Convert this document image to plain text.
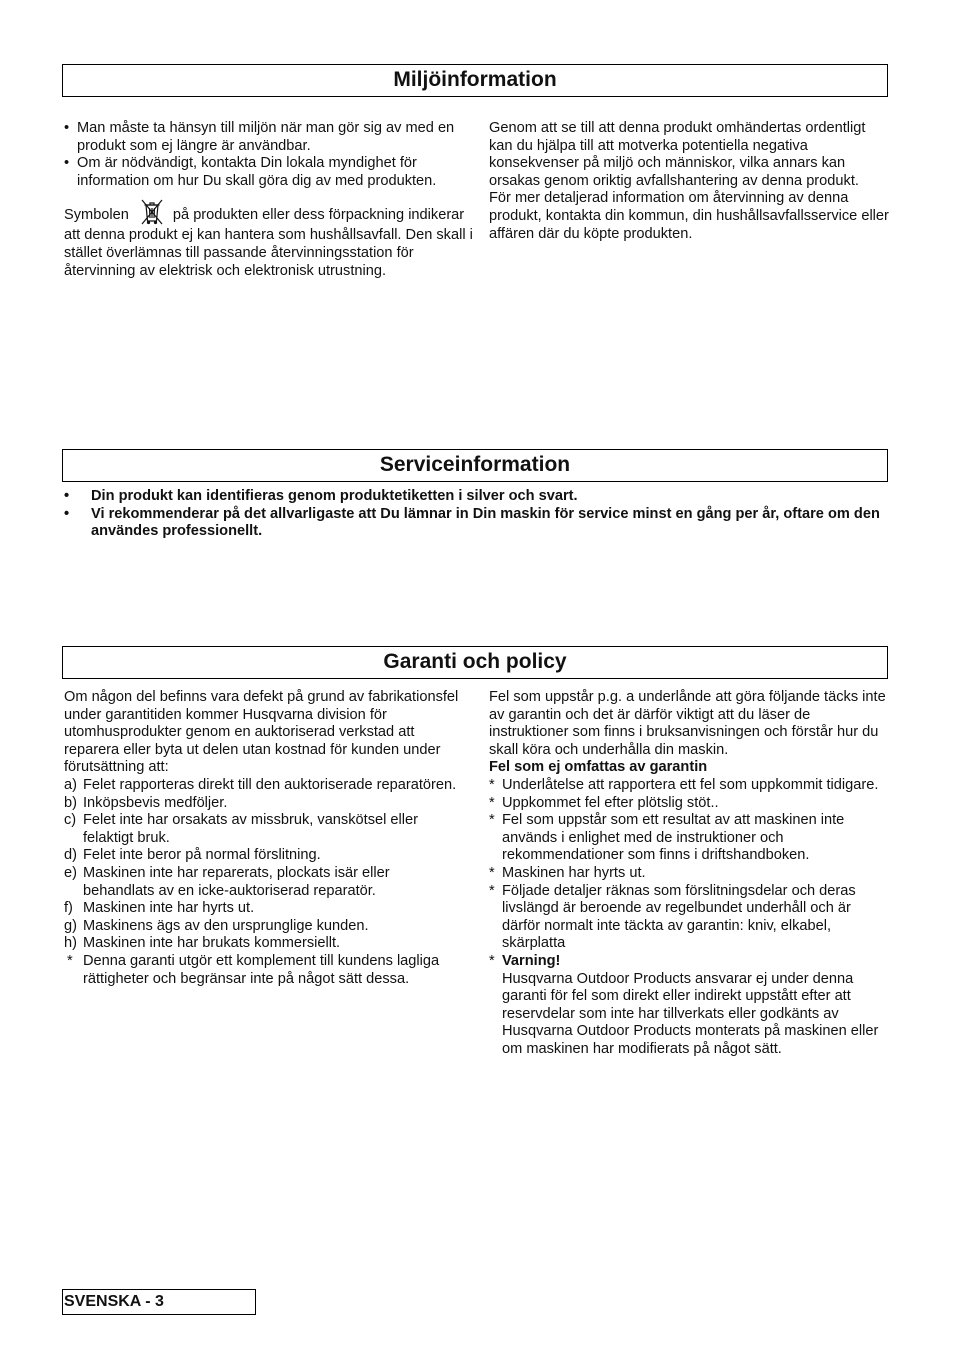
Miljöinformation
• Man måste ta hänsyn till miljön när man gör sig av med en produkt som ej längre är användbar.
• Om är nödvändigt, kontakta Din lokala myndighet för information om hur Du skall göra dig av med produkten.

Symbolen	på produkten eller dess förpackning indikerar att denna produkt ej kan hantera som hushållsavfall. Den skall i stället överlämnas till passande återvinningsstation för återvinning av elektrisk och elektronisk utrustning.

Genom att se till att denna produkt omhändertas ordentligt kan du hjälpa till att motverka potentiella negativa konsekvenser på miljö och människor, vilka annars kan orsakas genom oriktig avfallshantering av denna produkt.

För mer detaljerad information om återvinning av denna produkt, kontakta din kommun, din hushållsavfallsservice eller affären där du köpte produkten.

Serviceinformation
• Din produkt kan identifieras genom produktetiketten i silver och svart.
• Vi rekommenderar på det allvarligaste att Du lämnar in Din maskin för service minst en gång per år, oftare om den användes professionellt.
Garanti och policy

Om någon del befinns vara defekt på grund av fabrikationsfel under garantitiden kommer Husqvarna division för utomhusprodukter genom en auktoriserad verkstad att reparera eller byta ut delen utan kostnad för kunden under förutsättning att:

a) Felet rapporteras direkt till den auktoriserade reparatören.
b) Inköpsbevis medföljer.
c) Felet inte har orsakats av missbruk, vanskötsel eller felaktigt bruk.
d) Felet inte beror på normal förslitning.
e) Maskinen inte har reparerats, plockats isär eller behandlats av en icke-auktoriserad reparatör.
f) Maskinen inte har hyrts ut.
g) Maskinens ägs av den ursprunglige kunden.
h) Maskinen inte har brukats kommersiellt.
* Denna garanti utgör ett komplement till kundens lagliga rättigheter och begränsar inte på något sätt dessa.

Fel som uppstår p.g. a underlånde att göra följande täcks inte av garantin och det är därför viktigt att du läser de instruktioner som finns i bruksanvisningen och förstår hur du skall köra och underhålla din maskin.

Fel som ej omfattas av garantin

* Underlåtelse att rapportera ett fel som uppkommit tidigare.
* Uppkommet fel efter plötslig stöt..
* Fel som uppstår som ett resultat av att maskinen inte används i enlighet med de instruktioner och rekommendationer som finns i driftshandboken.
* Maskinen har hyrts ut.
* Följade detaljer räknas som förslitningsdelar och deras livslängd är beroende av regelbundet underhåll och är därför normalt inte täckta av garantin: kniv, elkabel, skärplatta
* Varning!
Husqvarna Outdoor Products ansvarar ej under denna garanti för fel som direkt eller indirekt uppstått efter att reservdelar som inte har tillverkats eller godkänts av Husqvarna Outdoor Products monterats på maskinen eller om maskinen har modifierats på något sätt.
SVENSKA - 3
